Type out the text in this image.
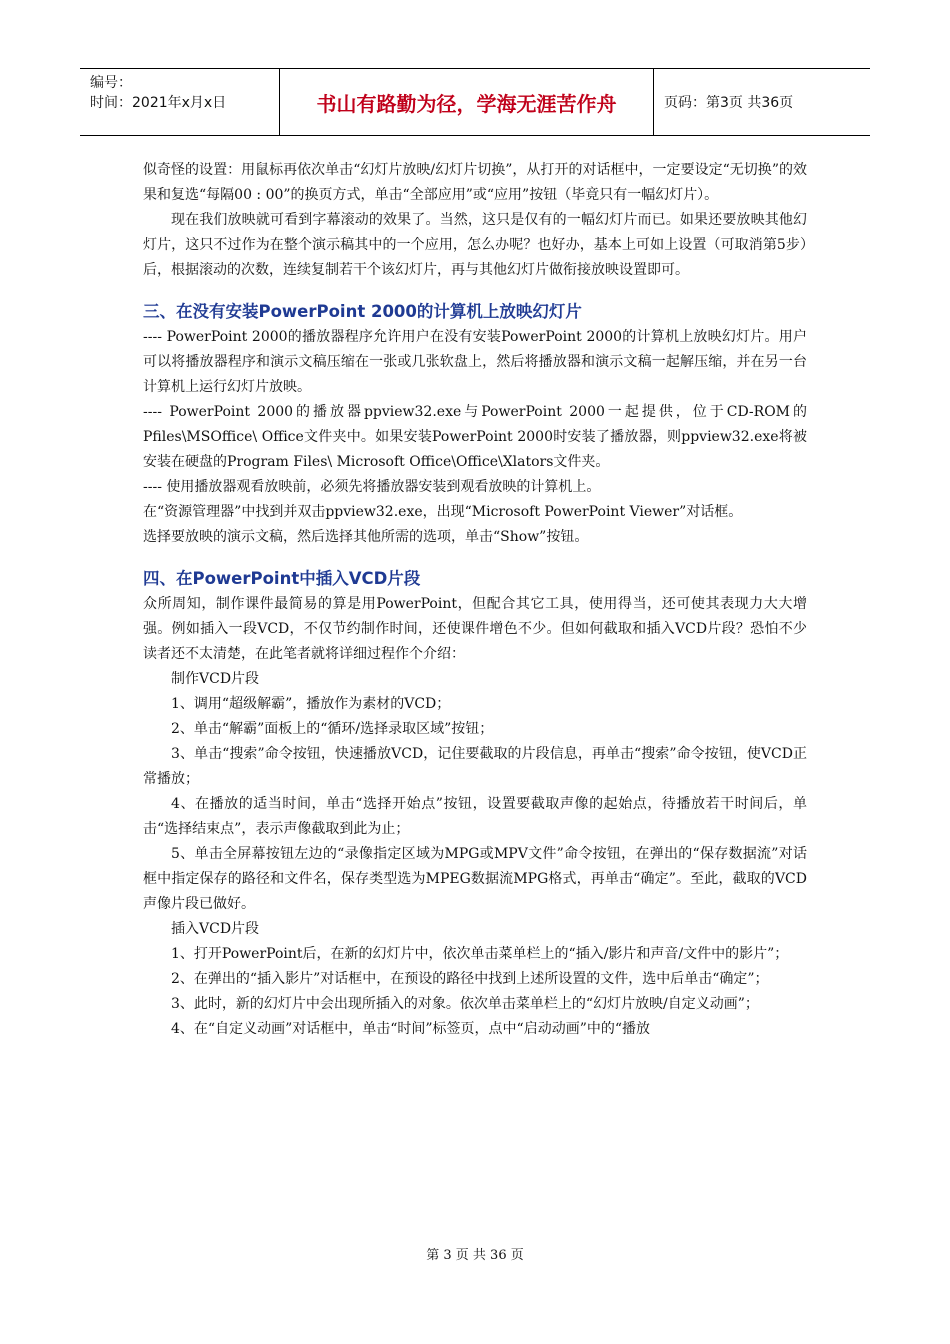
编号：
时间：2021年x月x日	书山有路勤为径，学海无涯苦作舟	页码：第3页 共36页

似奇怪的设置：用鼠标再依次单击“幻灯片放映/幻灯片切换”，从打开的对话框中，一定要设定“无切换”的效果和复选“每隔00 : 00”的换页方式，单击“全部应用”或“应用”按钮（毕竟只有一幅幻灯片）。

现在我们放映就可看到字幕滚动的效果了。当然，这只是仅有的一幅幻灯片而已。如果还要放映其他幻灯片，这只不过作为在整个演示稿其中的一个应用，怎么办呢？也好办，基本上可如上设置（可取消第5步）后，根据滚动的次数，连续复制若干个该幻灯片，再与其他幻灯片做衔接放映设置即可。

三、在没有安装PowerPoint 2000的计算机上放映幻灯片

---- PowerPoint 2000的播放器程序允许用户在没有安装PowerPoint 2000的计算机上放映幻灯片。用户可以将播放器程序和演示文稿压缩在一张或几张软盘上，然后将播放器和演示文稿一起解压缩，并在另一台计算机上运行幻灯片放映。

---- PowerPoint 2000的播放器ppview32.exe与PowerPoint 2000一起提供，位于CD-ROM的Pfiles\MSOffice\ Office文件夹中。如果安装PowerPoint 2000时安装了播放器，则ppview32.exe将被安装在硬盘的Program Files\ Microsoft Office\Office\Xlators文件夹。

---- 使用播放器观看放映前，必须先将播放器安装到观看放映的计算机上。

在“资源管理器”中找到并双击ppview32.exe，出现“Microsoft PowerPoint Viewer”对话框。

选择要放映的演示文稿，然后选择其他所需的选项，单击“Show”按钮。

四、在PowerPoint中插入VCD片段

众所周知，制作课件最简易的算是用PowerPoint，但配合其它工具，使用得当，还可使其表现力大大增强。例如插入一段VCD，不仅节约制作时间，还使课件增色不少。但如何截取和插入VCD片段？恐怕不少读者还不太清楚，在此笔者就将详细过程作个介绍：

制作VCD片段

1、调用“超级解霸”，播放作为素材的VCD；

2、单击“解霸”面板上的“循环/选择录取区域”按钮；

3、单击“搜索”命令按钮，快速播放VCD，记住要截取的片段信息，再单击“搜索”命令按钮，使VCD正常播放；

4、在播放的适当时间，单击“选择开始点”按钮，设置要截取声像的起始点，待播放若干时间后，单击“选择结束点”，表示声像截取到此为止；

5、单击全屏幕按钮左边的“录像指定区域为MPG或MPV文件”命令按钮，在弹出的“保存数据流”对话框中指定保存的路径和文件名，保存类型选为MPEG数据流MPG格式，再单击“确定”。至此，截取的VCD声像片段已做好。

插入VCD片段

1、打开PowerPoint后，在新的幻灯片中，依次单击菜单栏上的“插入/影片和声音/文件中的影片”；

2、在弹出的“插入影片”对话框中，在预设的路径中找到上述所设置的文件，选中后单击“确定”；

3、此时，新的幻灯片中会出现所插入的对象。依次单击菜单栏上的“幻灯片放映/自定义动画”；

4、在“自定义动画”对话框中，单击“时间”标签页，点中“启动动画”中的“播放

第 3 页 共 36 页
